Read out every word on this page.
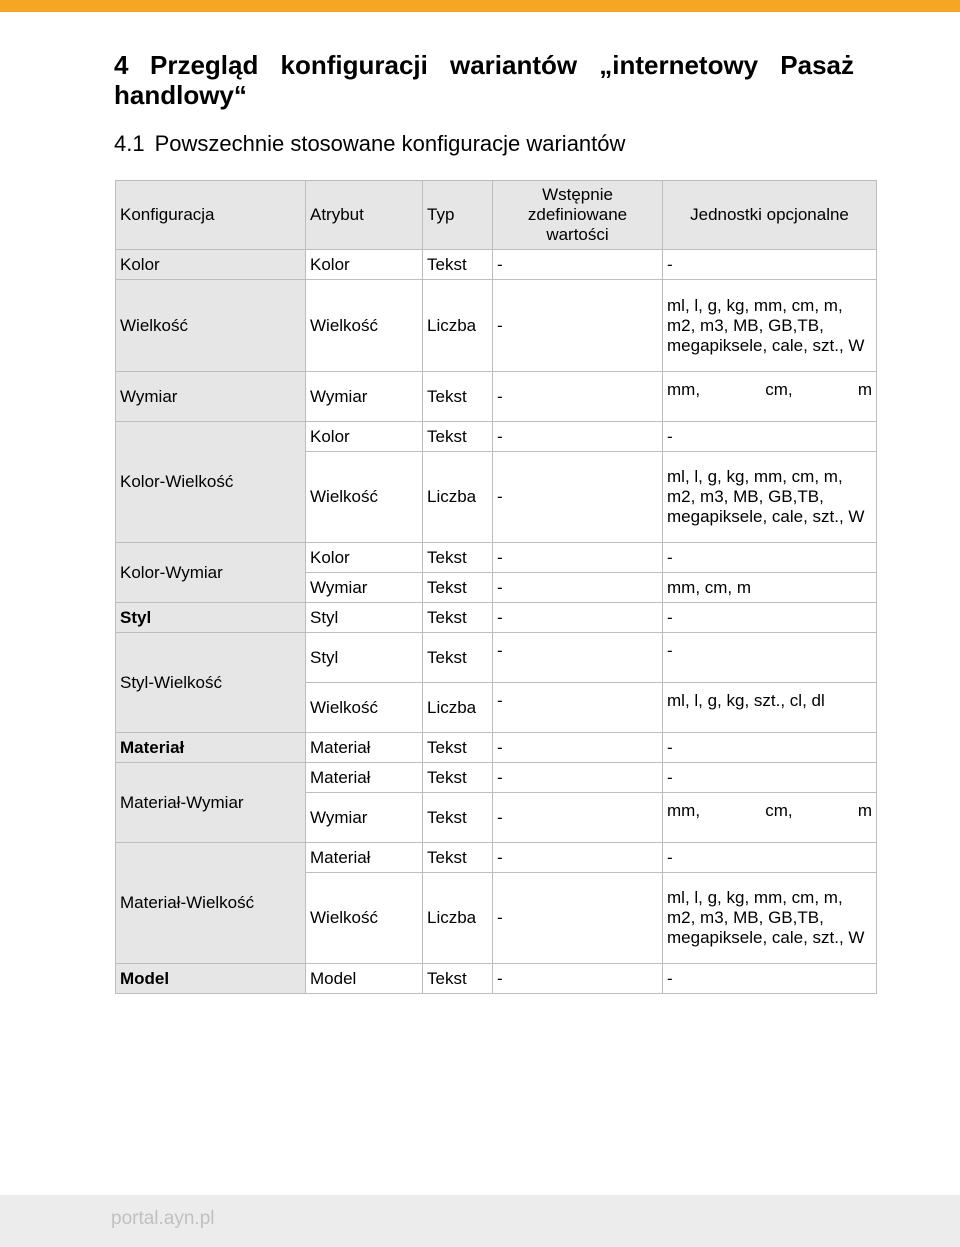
4 Przegląd konfiguracji wariantów „internetowy Pasaż handlowy“
4.1 Powszechnie stosowane konfiguracje wariantów
Konfiguracja	Atrybut	Typ	Wstępnie zdefiniowane wartości	Jednostki opcjonalne
Kolor	Kolor	Tekst	-	-
Wielkość	Wielkość	Liczba	-	ml, l, g, kg, mm, cm, m, m2, m3, MB, GB,TB, megapiksele, cale, szt., W
Wymiar	Wymiar	Tekst	-	mm, cm, m
Kolor-Wielkość	Kolor	Tekst	-	-
	Wielkość	Liczba	-	ml, l, g, kg, mm, cm, m, m2, m3, MB, GB,TB, megapiksele, cale, szt., W
Kolor-Wymiar	Kolor	Tekst	-	-
	Wymiar	Tekst	-	mm, cm, m
Styl	Styl	Tekst	-	-
Styl-Wielkość	Styl	Tekst	-	-
	Wielkość	Liczba	-	ml, l, g, kg, szt., cl, dl
Materiał	Materiał	Tekst	-	-
Materiał-Wymiar	Materiał	Tekst	-	-
	Wymiar	Tekst	-	mm, cm, m
Materiał-Wielkość	Materiał	Tekst	-	-
	Wielkość	Liczba	-	ml, l, g, kg, mm, cm, m, m2, m3, MB, GB,TB, megapiksele, cale, szt., W
Model	Model	Tekst	-	-
portal.ayn.pl
